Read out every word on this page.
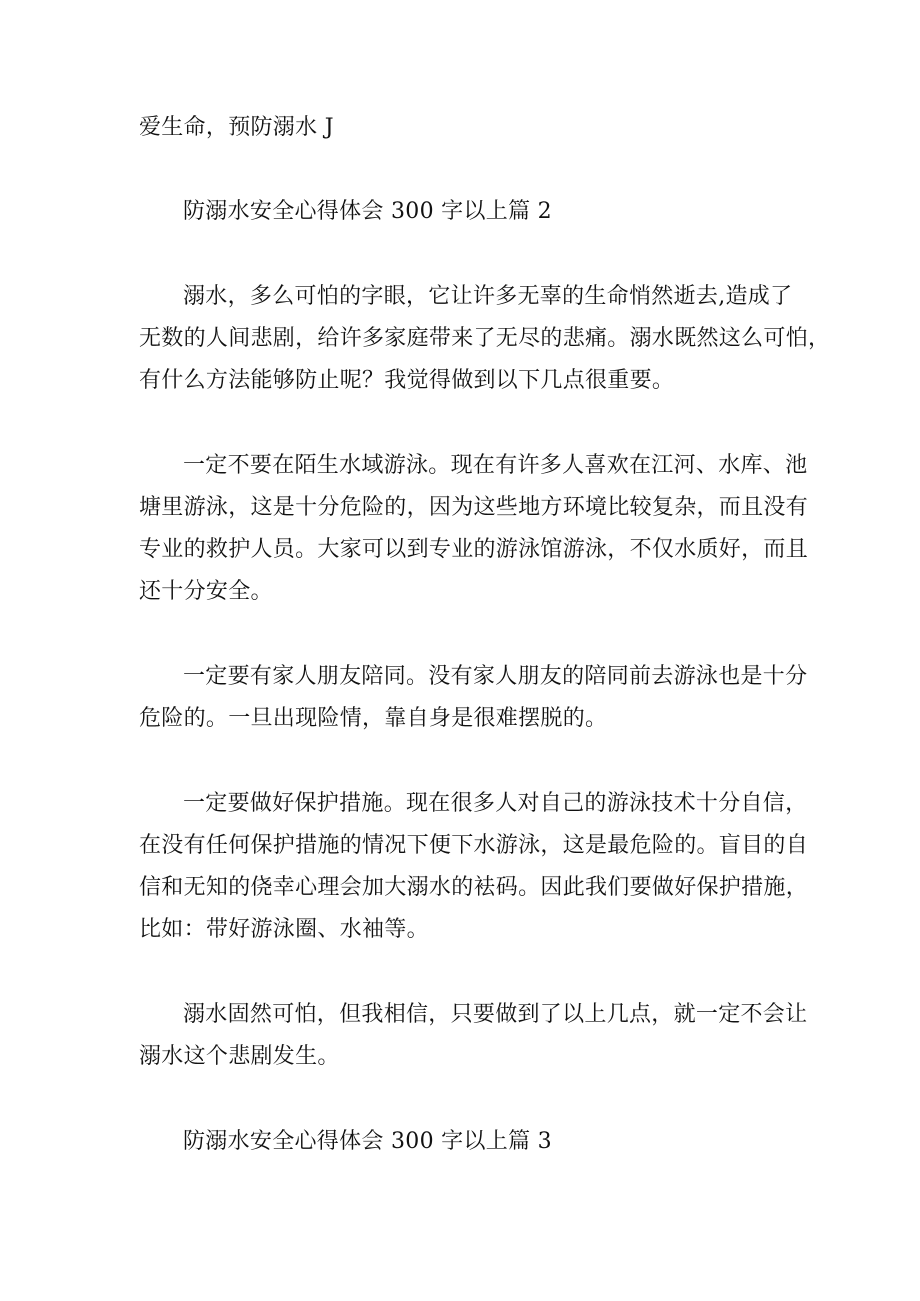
爱生命，预防溺水 J
防溺水安全心得体会 300 字以上篇 2
溺水，多么可怕的字眼，它让许多无辜的生命悄然逝去,造成了
无数的人间悲剧，给许多家庭带来了无尽的悲痛。溺水既然这么可怕，
有什么方法能够防止呢？我觉得做到以下几点很重要。
一定不要在陌生水域游泳。现在有许多人喜欢在江河、水库、池
塘里游泳，这是十分危险的，因为这些地方环境比较复杂，而且没有
专业的救护人员。大家可以到专业的游泳馆游泳，不仅水质好，而且
还十分安全。
一定要有家人朋友陪同。没有家人朋友的陪同前去游泳也是十分
危险的。一旦出现险情，靠自身是很难摆脱的。
一定要做好保护措施。现在很多人对自己的游泳技术十分自信，
在没有任何保护措施的情况下便下水游泳，这是最危险的。盲目的自
信和无知的侥幸心理会加大溺水的袪码。因此我们要做好保护措施，
比如：带好游泳圈、水袖等。
溺水固然可怕，但我相信，只要做到了以上几点，就一定不会让
溺水这个悲剧发生。
防溺水安全心得体会 300 字以上篇 3
